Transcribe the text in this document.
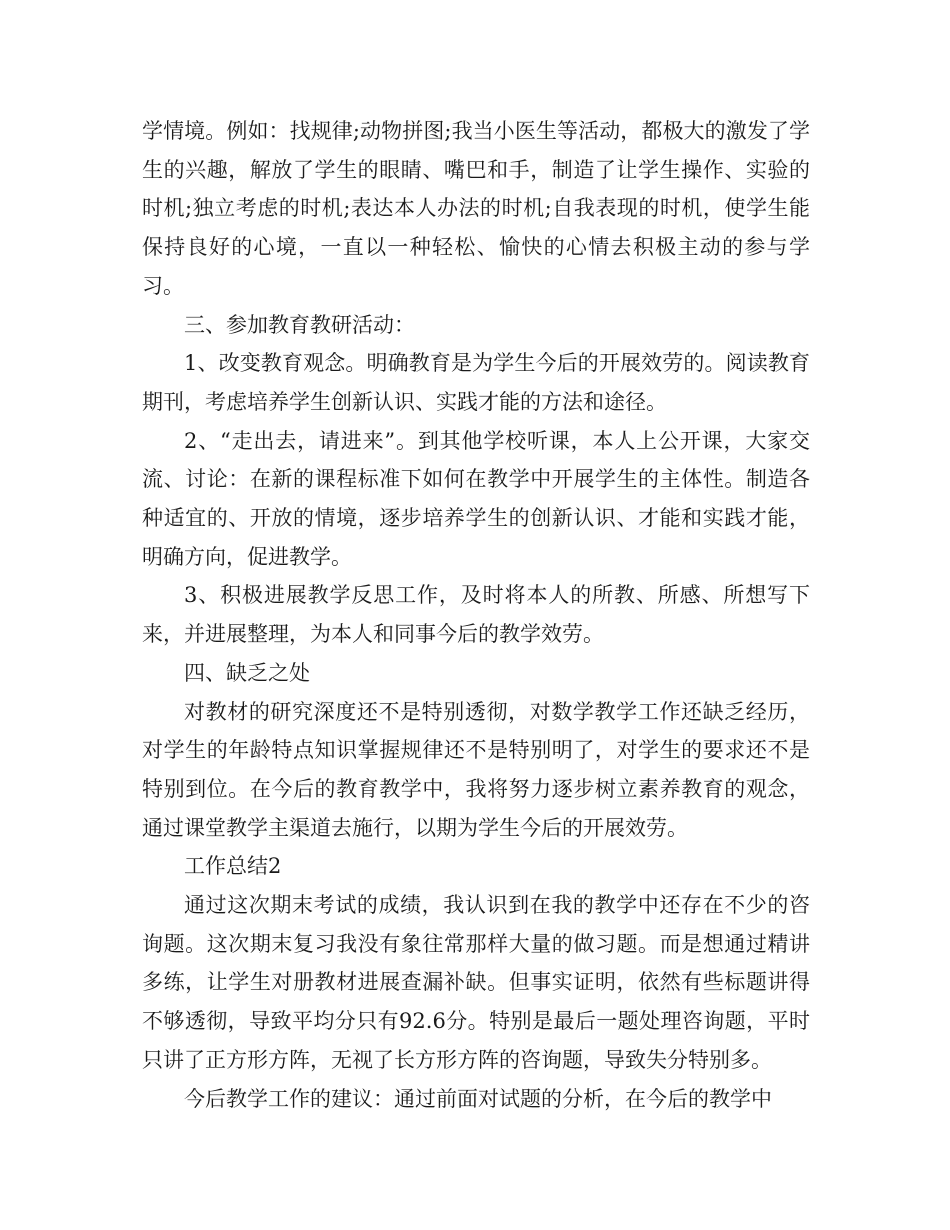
学情境。例如：找规律;动物拼图;我当小医生等活动，都极大的激发了学生的兴趣，解放了学生的眼睛、嘴巴和手，制造了让学生操作、实验的时机;独立考虑的时机;表达本人办法的时机;自我表现的时机，使学生能保持良好的心境，一直以一种轻松、愉快的心情去积极主动的参与学习。

三、参加教育教研活动：

1、改变教育观念。明确教育是为学生今后的开展效劳的。阅读教育期刊，考虑培养学生创新认识、实践才能的方法和途径。

2、“走出去，请进来”。到其他学校听课，本人上公开课，大家交流、讨论：在新的课程标准下如何在教学中开展学生的主体性。制造各种适宜的、开放的情境，逐步培养学生的创新认识、才能和实践才能，明确方向，促进教学。

3、积极进展教学反思工作，及时将本人的所教、所感、所想写下来，并进展整理，为本人和同事今后的教学效劳。

四、缺乏之处

对教材的研究深度还不是特别透彻，对数学教学工作还缺乏经历，对学生的年龄特点知识掌握规律还不是特别明了，对学生的要求还不是特别到位。在今后的教育教学中，我将努力逐步树立素养教育的观念，通过课堂教学主渠道去施行，以期为学生今后的开展效劳。

工作总结2

通过这次期末考试的成绩，我认识到在我的教学中还存在不少的咨询题。这次期末复习我没有象往常那样大量的做习题。而是想通过精讲多练，让学生对册教材进展查漏补缺。但事实证明，依然有些标题讲得不够透彻，导致平均分只有92.6分。特别是最后一题处理咨询题，平时只讲了正方形方阵，无视了长方形方阵的咨询题，导致失分特别多。

今后教学工作的建议：通过前面对试题的分析，在今后的教学中
